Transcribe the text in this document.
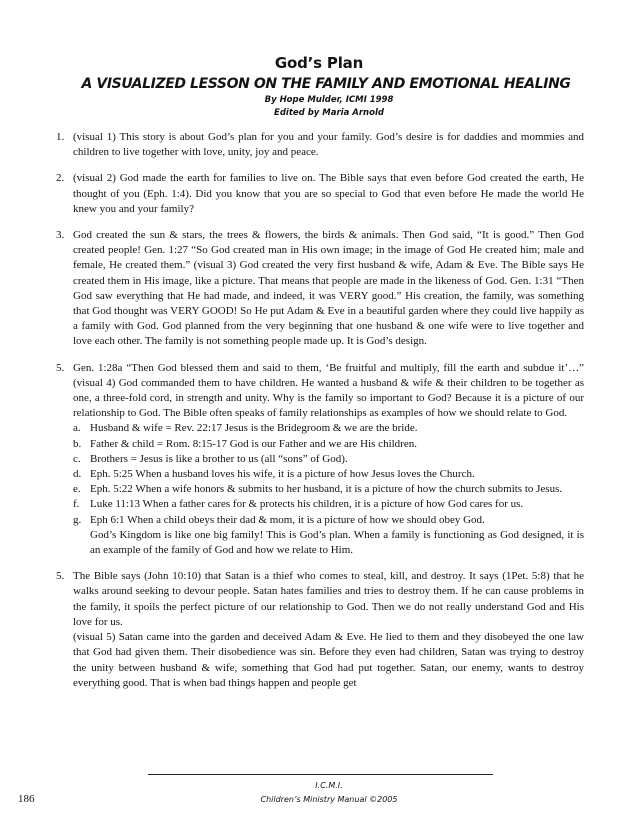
God’s Plan
A VISUALIZED LESSON ON THE FAMILY AND EMOTIONAL HEALING
By Hope Mulder, ICMI 1998
Edited by Maria Arnold
1. (visual 1) This story is about God’s plan for you and your family. God’s desire is for daddies and mommies and children to live together with love, unity, joy and peace.
2. (visual 2) God made the earth for families to live on. The Bible says that even before God created the earth, He thought of you (Eph. 1:4). Did you know that you are so special to God that even before He made the world He knew you and your family?
3. God created the sun & stars, the trees & flowers, the birds & animals. Then God said, “It is good.” Then God created people! Gen. 1:27 “So God created man in His own image; in the image of God He created him; male and female, He created them.” (visual 3) God created the very first husband & wife, Adam & Eve. The Bible says He created them in His image, like a picture. That means that people are made in the likeness of God. Gen. 1:31 “Then God saw everything that He had made, and indeed, it was VERY good.” His creation, the family, was something that God thought was VERY GOOD! So He put Adam & Eve in a beautiful garden where they could live happily as a family with God. God planned from the very beginning that one husband & one wife were to live together and love each other. The family is not something people made up. It is God’s design.
5. Gen. 1:28a “Then God blessed them and said to them, ‘Be fruitful and multiply, fill the earth and subdue it’…” (visual 4) God commanded them to have children. He wanted a husband & wife & their children to be together as one, a three-fold cord, in strength and unity. Why is the family so important to God? Because it is a picture of our relationship to God. The Bible often speaks of family relationships as examples of how we should relate to God.
a. Husband & wife = Rev. 22:17 Jesus is the Bridegroom & we are the bride.
b. Father & child = Rom. 8:15-17 God is our Father and we are His children.
c. Brothers = Jesus is like a brother to us (all “sons” of God).
d. Eph. 5:25 When a husband loves his wife, it is a picture of how Jesus loves the Church.
e. Eph. 5:22 When a wife honors & submits to her husband, it is a picture of how the church submits to Jesus.
f. Luke 11:13 When a father cares for & protects his children, it is a picture of how God cares for us.
g. Eph 6:1 When a child obeys their dad & mom, it is a picture of how we should obey God.
God’s Kingdom is like one big family! This is God’s plan. When a family is functioning as God designed, it is an example of the family of God and how we relate to Him.
5. The Bible says (John 10:10) that Satan is a thief who comes to steal, kill, and destroy. It says (1Pet. 5:8) that he walks around seeking to devour people. Satan hates families and tries to destroy them. If he can cause problems in the family, it spoils the perfect picture of our relationship to God. Then we do not really understand God and His love for us.
(visual 5) Satan came into the garden and deceived Adam & Eve. He lied to them and they disobeyed the one law that God had given them. Their disobedience was sin. Before they even had children, Satan was trying to destroy the unity between husband & wife, something that God had put together. Satan, our enemy, wants to destroy everything good. That is when bad things happen and people get
I.C.M.I.
Children’s Ministry Manual ©2005
186
